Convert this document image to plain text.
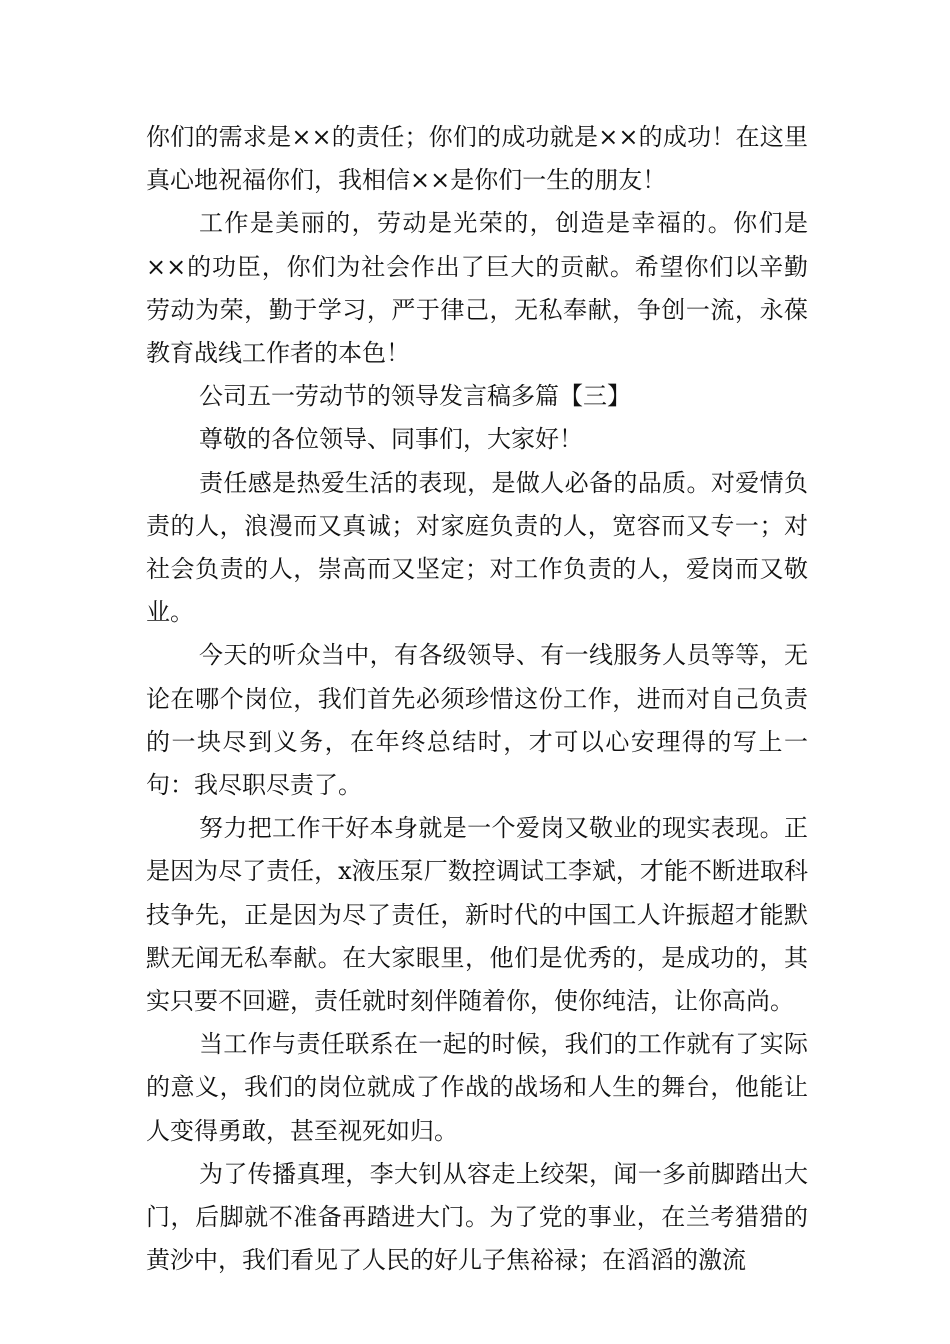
你们的需求是××的责任；你们的成功就是××的成功！在这里真心地祝福你们，我相信××是你们一生的朋友！

工作是美丽的，劳动是光荣的，创造是幸福的。你们是××的功臣，你们为社会作出了巨大的贡献。希望你们以辛勤劳动为荣，勤于学习，严于律己，无私奉献，争创一流，永葆教育战线工作者的本色！

公司五一劳动节的领导发言稿多篇【三】

尊敬的各位领导、同事们，大家好！

责任感是热爱生活的表现，是做人必备的品质。对爱情负责的人，浪漫而又真诚；对家庭负责的人，宽容而又专一；对社会负责的人，崇高而又坚定；对工作负责的人，爱岗而又敬业。

今天的听众当中，有各级领导、有一线服务人员等等，无论在哪个岗位，我们首先必须珍惜这份工作，进而对自己负责的一块尽到义务，在年终总结时，才可以心安理得的写上一句：我尽职尽责了。

努力把工作干好本身就是一个爱岗又敬业的现实表现。正是因为尽了责任，x液压泵厂数控调试工李斌，才能不断进取科技争先，正是因为尽了责任，新时代的中国工人许振超才能默默无闻无私奉献。在大家眼里，他们是优秀的，是成功的，其实只要不回避，责任就时刻伴随着你，使你纯洁，让你高尚。

当工作与责任联系在一起的时候，我们的工作就有了实际的意义，我们的岗位就成了作战的战场和人生的舞台，他能让人变得勇敢，甚至视死如归。

为了传播真理，李大钊从容走上绞架，闻一多前脚踏出大门，后脚就不准备再踏进大门。为了党的事业，在兰考猎猎的黄沙中，我们看见了人民的好儿子焦裕禄；在滔滔的激流
